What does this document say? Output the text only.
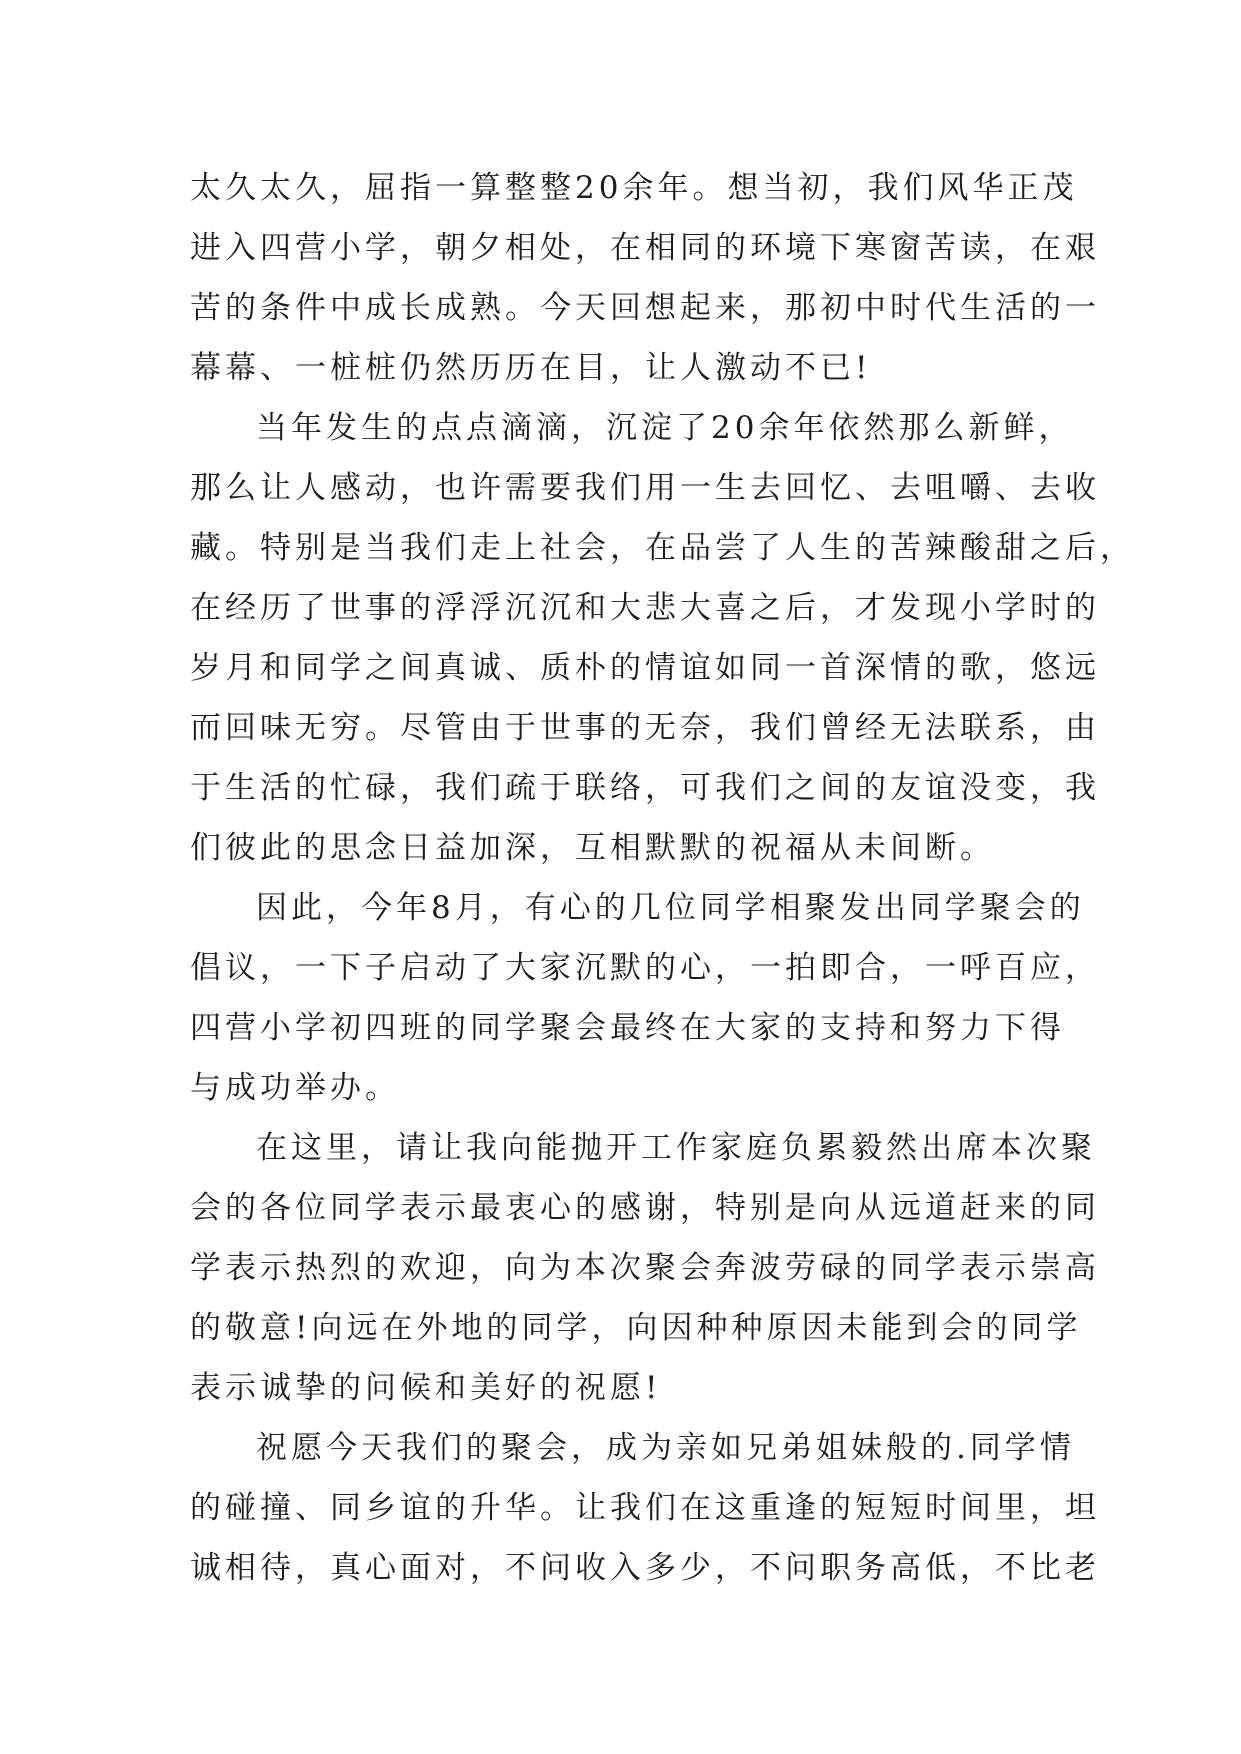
太久太久，屈指一算整整20余年。想当初，我们风华正茂
进入四营小学，朝夕相处，在相同的环境下寒窗苦读，在艰
苦的条件中成长成熟。今天回想起来，那初中时代生活的一
幕幕、一桩桩仍然历历在目，让人激动不已!
当年发生的点点滴滴，沉淀了20余年依然那么新鲜，
那么让人感动，也许需要我们用一生去回忆、去咀嚼、去收
藏。特别是当我们走上社会，在品尝了人生的苦辣酸甜之后，
在经历了世事的浮浮沉沉和大悲大喜之后，才发现小学时的
岁月和同学之间真诚、质朴的情谊如同一首深情的歌，悠远
而回味无穷。尽管由于世事的无奈，我们曾经无法联系，由
于生活的忙碌，我们疏于联络，可我们之间的友谊没变，我
们彼此的思念日益加深，互相默默的祝福从未间断。
因此，今年8月，有心的几位同学相聚发出同学聚会的
倡议，一下子启动了大家沉默的心，一拍即合，一呼百应，
四营小学初四班的同学聚会最终在大家的支持和努力下得
与成功举办。
在这里，请让我向能抛开工作家庭负累毅然出席本次聚
会的各位同学表示最衷心的感谢，特别是向从远道赶来的同
学表示热烈的欢迎，向为本次聚会奔波劳碌的同学表示崇高
的敬意!向远在外地的同学，向因种种原因未能到会的同学
表示诚挚的问候和美好的祝愿!
祝愿今天我们的聚会，成为亲如兄弟姐妹般的.同学情
的碰撞、同乡谊的升华。让我们在这重逢的短短时间里，坦
诚相待，真心面对，不问收入多少，不问职务高低，不比老
